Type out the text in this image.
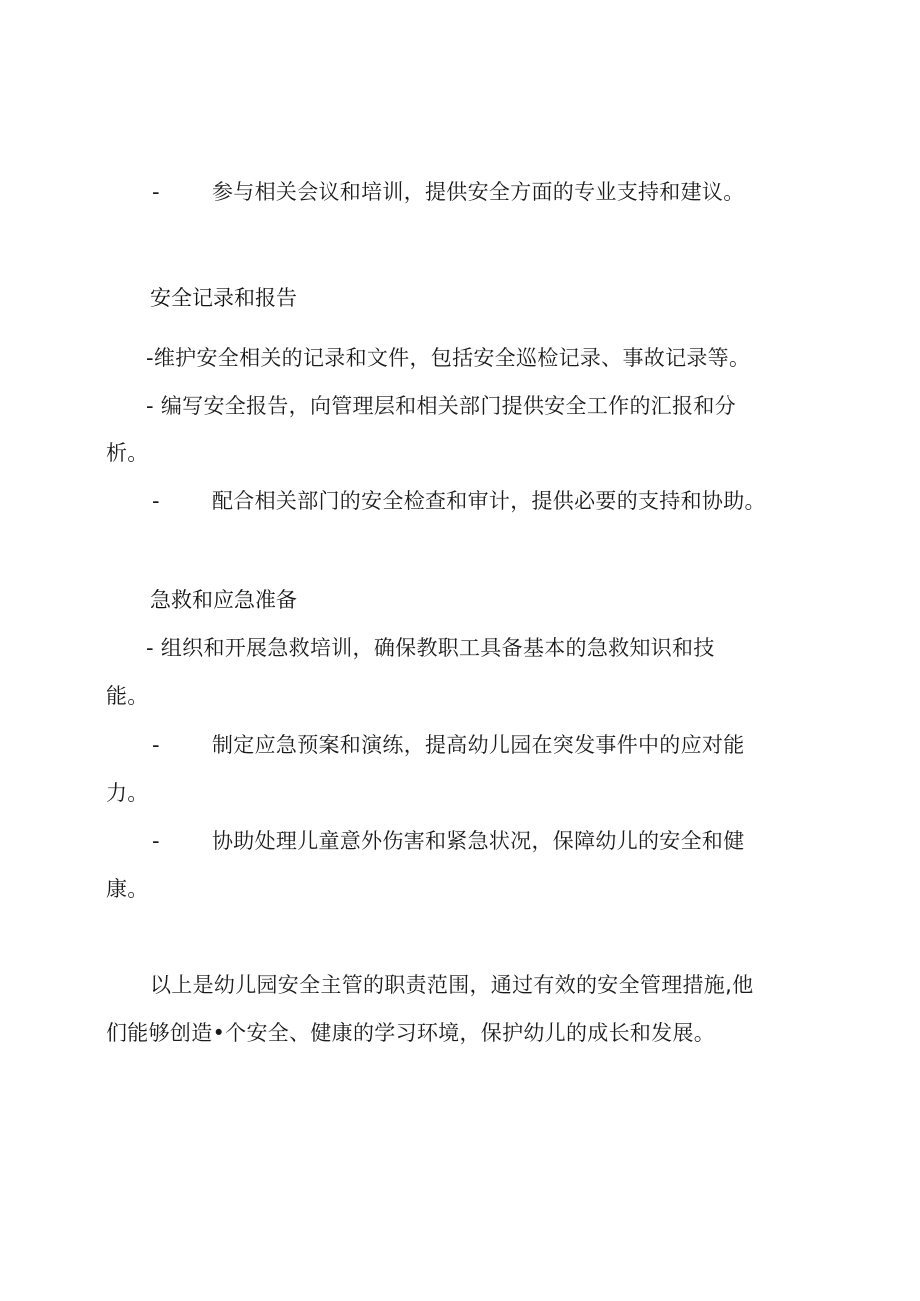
- 参与相关会议和培训，提供安全方面的专业支持和建议。
安全记录和报告
-维护安全相关的记录和文件，包括安全巡检记录、事故记录等。
- 编写安全报告，向管理层和相关部门提供安全工作的汇报和分
析。
- 配合相关部门的安全检查和审计，提供必要的支持和协助。
急救和应急准备
- 组织和开展急救培训，确保教职工具备基本的急救知识和技
能。
- 制定应急预案和演练，提高幼儿园在突发事件中的应对能
力。
- 协助处理儿童意外伤害和紧急状况，保障幼儿的安全和健
康。
以上是幼儿园安全主管的职责范围，通过有效的安全管理措施,他
们能够创造•个安全、健康的学习环境，保护幼儿的成长和发展。
